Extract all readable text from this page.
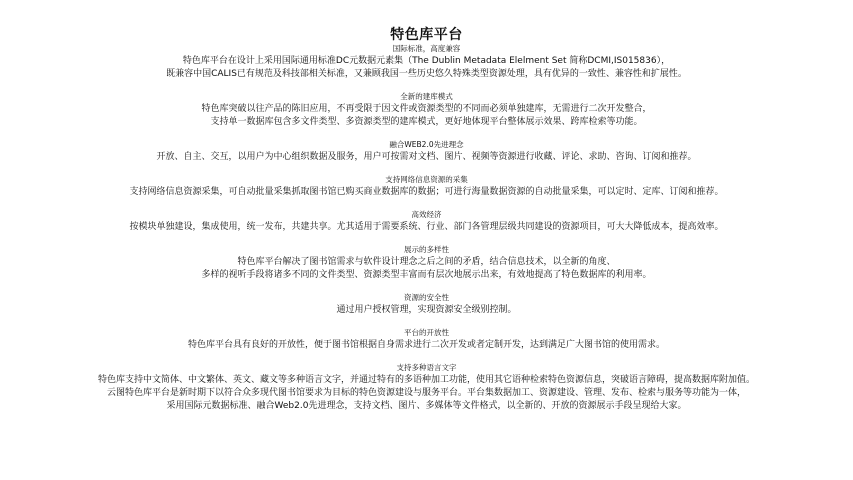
特色库平台
国际标准，高度兼容

特色库平台在设计上采用国际通用标准DC元数据元素集（The Dublin Metadata Elelment Set 简称DCMI,IS015836），

既兼容中国CALIS已有规范及科技部相关标准，又兼顾我国一些历史悠久特殊类型资源处理，具有优异的一致性、兼容性和扩展性。

全新的建库模式

特色库突破以往产品的陈旧应用，不再受限于因文件或资源类型的不同而必须单独建库，无需进行二次开发整合，

支持单一数据库包含多文件类型、多资源类型的建库模式，更好地体现平台整体展示效果、跨库检索等功能。

融合WEB2.0先进理念

开放、自主、交互，以用户为中心组织数据及服务，用户可按需对文档、图片、视频等资源进行收藏、评论、求助、咨询、订阅和推荐。

支持网络信息资源的采集

支持网络信息资源采集，可自动批量采集抓取图书馆已购买商业数据库的数据；可进行海量数据资源的自动批量采集，可以定时、定库、订阅和推荐。

高效经济

按模块单独建设，集成使用，统一发布，共建共享。尤其适用于需要系统、行业、部门各管理层级共同建设的资源项目，可大大降低成本，提高效率。

展示的多样性

特色库平台解决了图书馆需求与软件设计理念之后之间的矛盾，结合信息技术，以全新的角度、

多样的视听手段将诸多不同的文件类型、资源类型丰富而有层次地展示出来，有效地提高了特色数据库的利用率。

资源的安全性

通过用户授权管理，实现资源安全级别控制。

平台的开放性

特色库平台具有良好的开放性，便于图书馆根据自身需求进行二次开发或者定制开发，达到满足广大图书馆的使用需求。

支持多种语言文字

特色库支持中文简体、中文繁体、英文、藏文等多种语言文字，并通过特有的多语种加工功能，使用其它语种检索特色资源信息，突破语言障碍，提高数据库附加值。

云图特色库平台是新时期下以符合众多现代图书馆要求为目标的特色资源建设与服务平台。平台集数据加工、资源建设、管理、发布、检索与服务等功能为一体，

采用国际元数据标准、融合Web2.0先进理念，支持文档、图片、多媒体等文件格式，以全新的、开放的资源展示手段呈现给大家。
